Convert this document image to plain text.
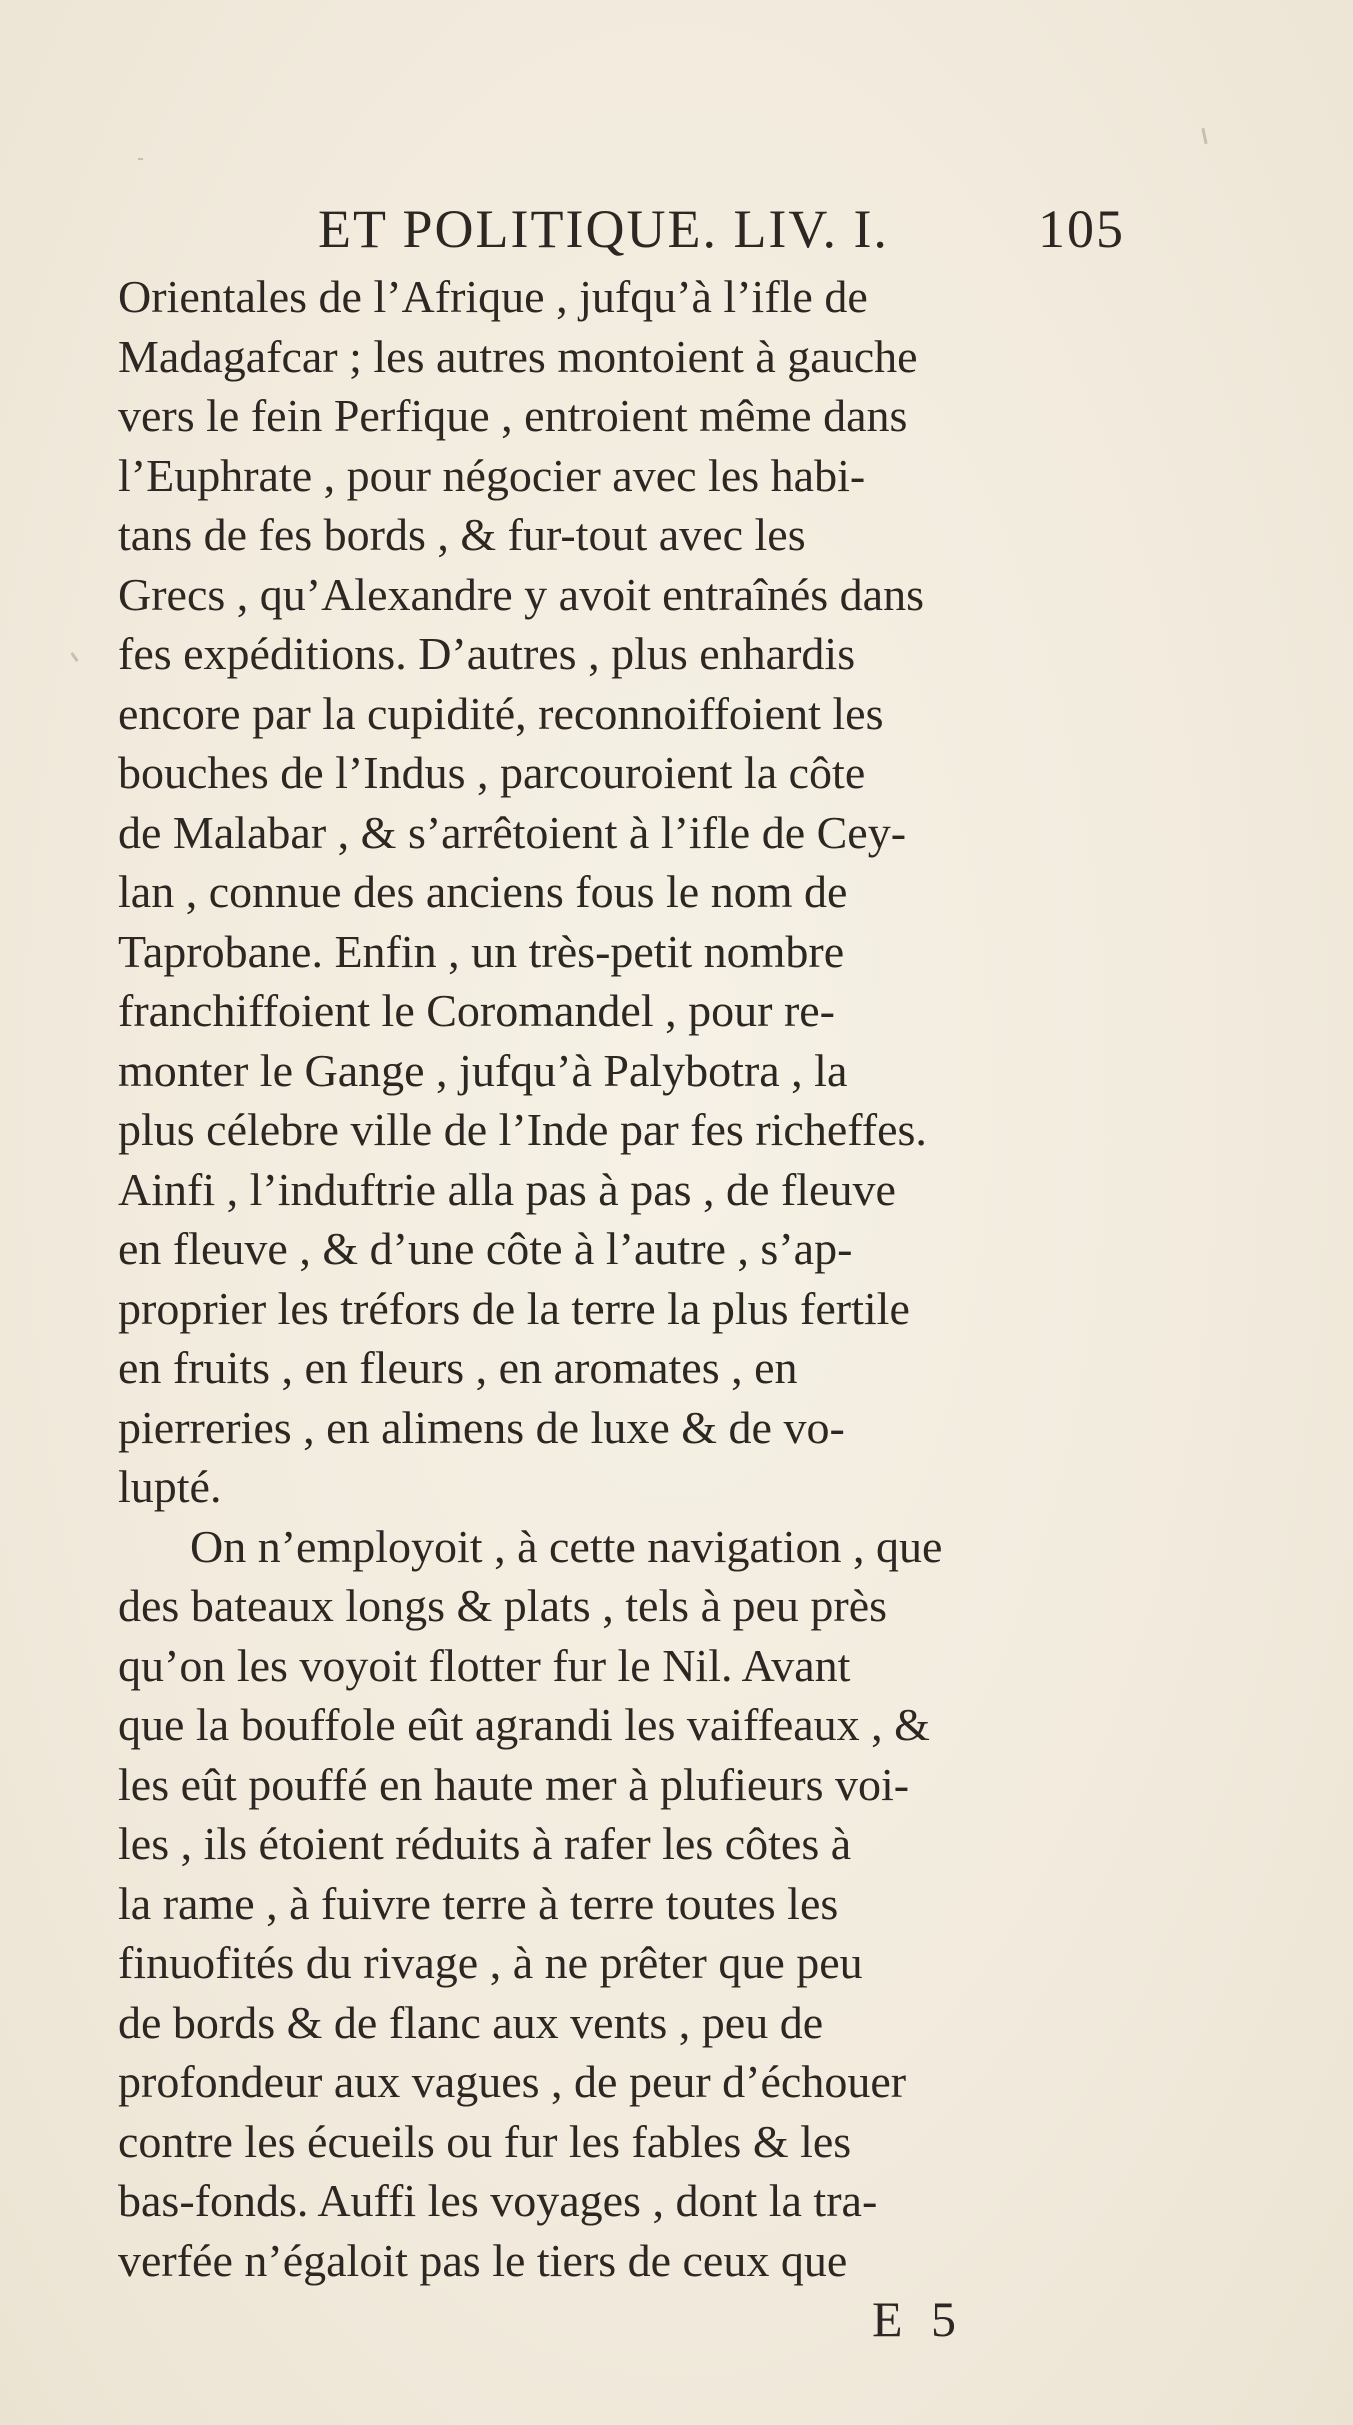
ET POLITIQUE. LIV. I.	105
Orientales de l’Afrique , jufqu’à l’ifle de
Madagafcar ; les autres montoient à gauche
vers le fein Perfique , entroient même dans
l’Euphrate , pour négocier avec les habi-
tans de fes bords , & fur-tout avec les
Grecs , qu’Alexandre y avoit entraînés dans
fes expéditions. D’autres , plus enhardis
encore par la cupidité, reconnoiffoient les
bouches de l’Indus , parcouroient la côte
de Malabar , & s’arrêtoient à l’ifle de Cey-
lan , connue des anciens fous le nom de
Taprobane. Enfin , un très-petit nombre
franchiffoient le Coromandel , pour re-
monter le Gange , jufqu’à Palybotra , la
plus célebre ville de l’Inde par fes richeffes.
Ainfi , l’induftrie alla pas à pas , de fleuve
en fleuve , & d’une côte à l’autre , s’ap-
proprier les tréfors de la terre la plus fertile
en fruits , en fleurs , en aromates , en
pierreries , en alimens de luxe & de vo-
lupté.
On n’employoit , à cette navigation , que
des bateaux longs & plats , tels à peu près
qu’on les voyoit flotter fur le Nil. Avant
que la bouffole eût agrandi les vaiffeaux , &
les eût pouffé en haute mer à plufieurs voi-
les , ils étoient réduits à rafer les côtes à
la rame , à fuivre terre à terre toutes les
finuofités du rivage , à ne prêter que peu
de bords & de flanc aux vents , peu de
profondeur aux vagues , de peur d’échouer
contre les écueils ou fur les fables & les
bas-fonds. Auffi les voyages , dont la tra-
verfée n’égaloit pas le tiers de ceux que
E 5
